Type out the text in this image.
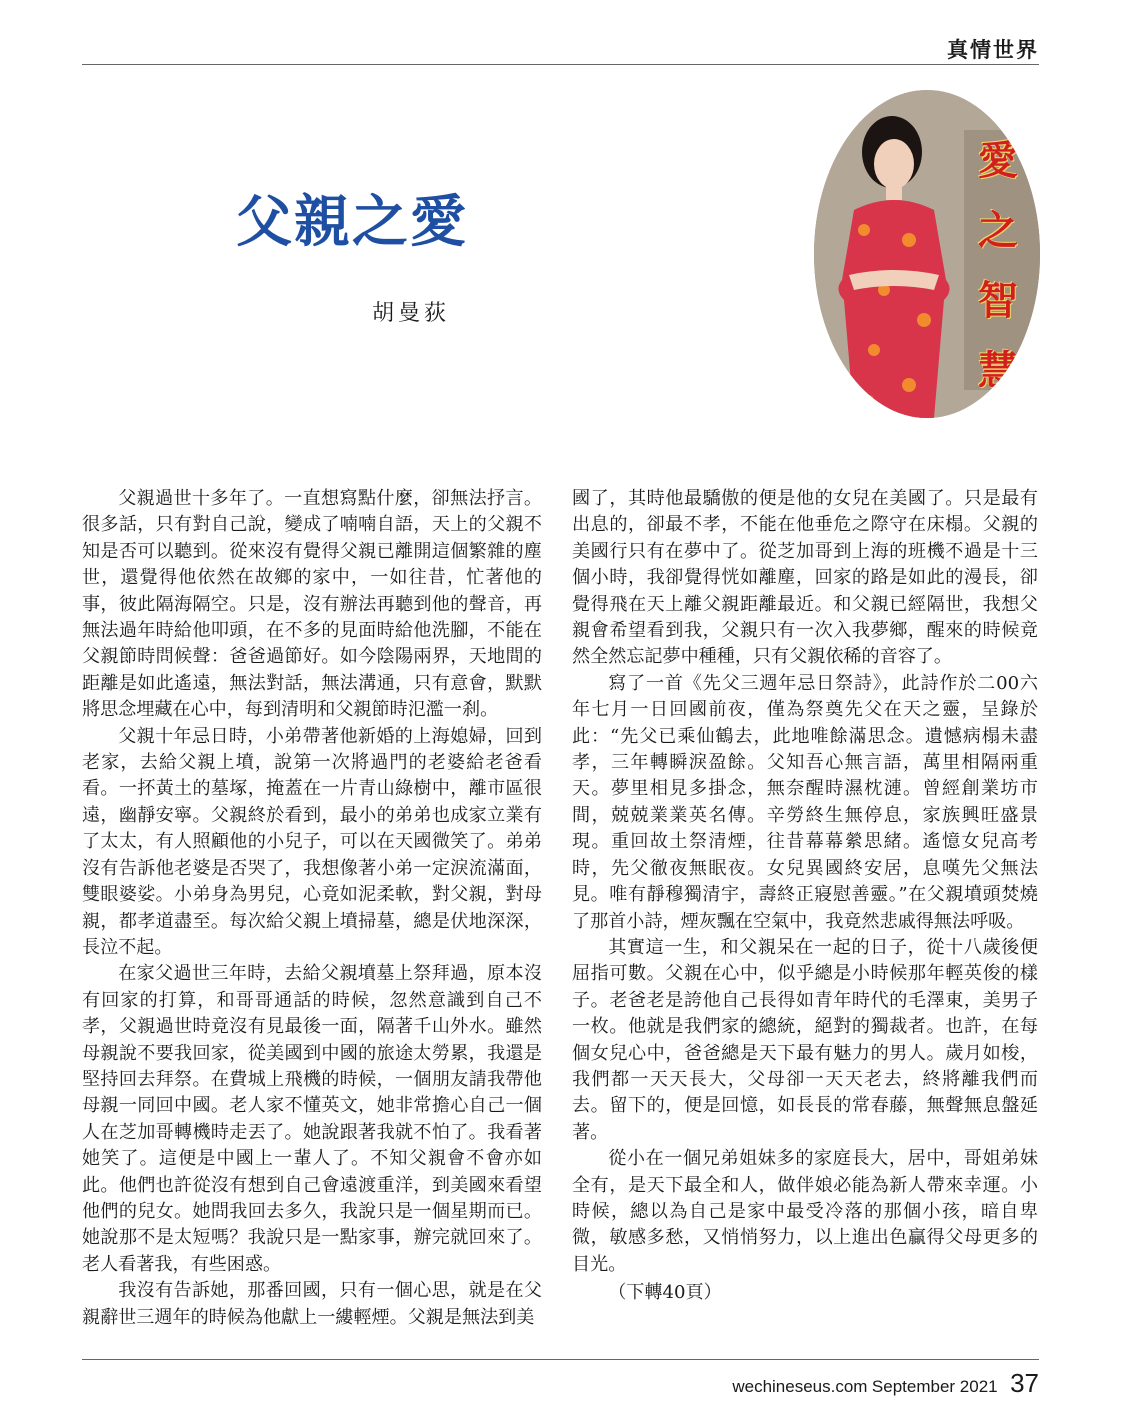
真情世界
父親之愛
胡曼荻
愛
之
智
慧

父親過世十多年了。一直想寫點什麼，卻無法抒言。很多話，只有對自己說，變成了喃喃自語，天上的父親不知是否可以聽到。從來沒有覺得父親已離開這個繁雜的塵世，還覺得他依然在故鄉的家中，一如往昔，忙著他的事，彼此隔海隔空。只是，沒有辦法再聽到他的聲音，再無法過年時給他叩頭，在不多的見面時給他洗腳，不能在父親節時問候聲：爸爸過節好。如今陰陽兩界，天地間的距離是如此遙遠，無法對話，無法溝通，只有意會，默默將思念埋藏在心中，每到清明和父親節時氾濫一刹。

父親十年忌日時，小弟帶著他新婚的上海媳婦，回到老家，去給父親上墳，說第一次將過門的老婆給老爸看看。一抔黃土的墓塚，掩蓋在一片青山綠樹中，離市區很遠，幽靜安寧。父親終於看到，最小的弟弟也成家立業有了太太，有人照顧他的小兒子，可以在天國微笑了。弟弟沒有告訴他老婆是否哭了，我想像著小弟一定淚流滿面，雙眼婆娑。小弟身為男兒，心竟如泥柔軟，對父親，對母親，都孝道盡至。每次給父親上墳掃墓，總是伏地深深，長泣不起。

在家父過世三年時，去給父親墳墓上祭拜過，原本沒有回家的打算，和哥哥通話的時候，忽然意識到自己不孝，父親過世時竟沒有見最後一面，隔著千山外水。雖然母親說不要我回家，從美國到中國的旅途太勞累，我還是堅持回去拜祭。在費城上飛機的時候，一個朋友請我帶他母親一同回中國。老人家不懂英文，她非常擔心自己一個人在芝加哥轉機時走丟了。她說跟著我就不怕了。我看著她笑了。這便是中國上一輩人了。不知父親會不會亦如此。他們也許從沒有想到自己會遠渡重洋，到美國來看望他們的兒女。她問我回去多久，我說只是一個星期而已。她說那不是太短嗎？我說只是一點家事，辦完就回來了。老人看著我，有些困惑。

我沒有告訴她，那番回國，只有一個心思，就是在父親辭世三週年的時候為他獻上一縷輕煙。父親是無法到美

國了，其時他最驕傲的便是他的女兒在美國了。只是最有出息的，卻最不孝，不能在他垂危之際守在床榻。父親的美國行只有在夢中了。從芝加哥到上海的班機不過是十三個小時，我卻覺得恍如離塵，回家的路是如此的漫長，卻覺得飛在天上離父親距離最近。和父親已經隔世，我想父親會希望看到我，父親只有一次入我夢鄉，醒來的時候竟然全然忘記夢中種種，只有父親依稀的音容了。

寫了一首《先父三週年忌日祭詩》，此詩作於二00六　年七月一日回國前夜，僅為祭奠先父在天之靈，呈錄於此：“先父已乘仙鶴去，此地唯餘滿思念。遺憾病榻未盡孝，三年轉瞬淚盈餘。父知吾心無言語，萬里相隔兩重天。夢里相見多掛念，無奈醒時濕枕漣。曾經創業坊市間，兢兢業業英名傳。辛勞終生無停息，家族興旺盛景現。重回故土祭清煙，往昔幕幕縈思緒。遙憶女兒高考時，先父徹夜無眠夜。女兒異國終安居，息嘆先父無法見。唯有靜穆獨清宇，壽終正寢慰善靈。”在父親墳頭焚燒了那首小詩，煙灰飄在空氣中，我竟然悲戚得無法呼吸。

其實這一生，和父親呆在一起的日子，從十八歲後便屈指可數。父親在心中，似乎總是小時候那年輕英俊的樣子。老爸老是誇他自己長得如青年時代的毛澤東，美男子一枚。他就是我們家的總統，絕對的獨裁者。也許，在每個女兒心中，爸爸總是天下最有魅力的男人。歲月如梭，我們都一天天長大，父母卻一天天老去，終將離我們而去。留下的，便是回憶，如長長的常春藤，無聲無息盤延著。

從小在一個兄弟姐妹多的家庭長大，居中，哥姐弟妹全有，是天下最全和人，做伴娘必能為新人帶來幸運。小時候，總以為自己是家中最受冷落的那個小孩，暗自卑微，敏感多愁，又悄悄努力，以上進出色贏得父母更多的目光。

（下轉40頁）

wechineseus.com September 2021 37
